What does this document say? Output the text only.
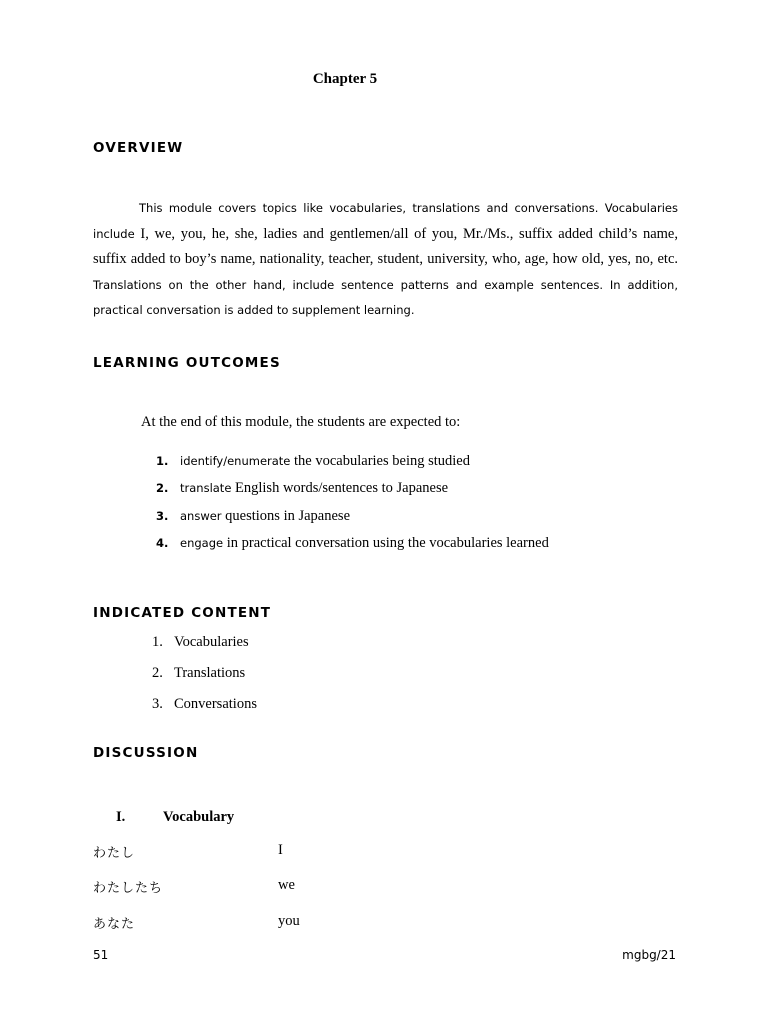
Chapter 5
OVERVIEW
This module covers topics like vocabularies, translations and conversations. Vocabularies include I, we, you, he, she, ladies and gentlemen/all of you, Mr./Ms., suffix added child’s name, suffix added to boy’s name, nationality, teacher, student, university, who, age, how old, yes, no, etc. Translations on the other hand, include sentence patterns and example sentences. In addition, practical conversation is added to supplement learning.
LEARNING OUTCOMES
At the end of this module, the students are expected to:
1. identify/enumerate the vocabularies being studied
2. translate English words/sentences to Japanese
3. answer questions in Japanese
4. engage in practical conversation using the vocabularies learned
INDICATED CONTENT
1. Vocabularies
2. Translations
3. Conversations
DISCUSSION
I.	Vocabulary
わたし	I
わたしたち	we
あなた	you
51	mgbg/21
